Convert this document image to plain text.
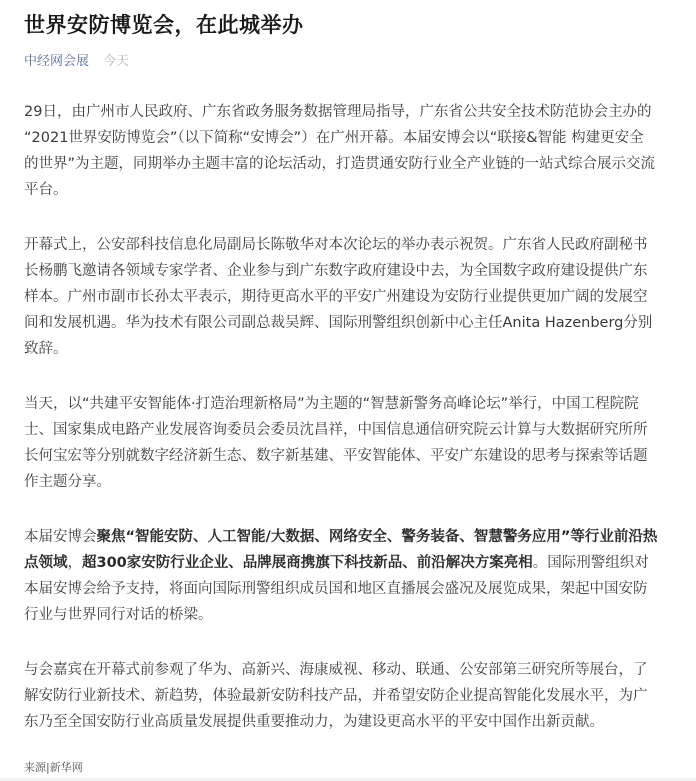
世界安防博览会，在此城举办
中经网会展 今天

29日，由广州市人民政府、广东省政务服务数据管理局指导，广东省公共安全技术防范协会主办的
“2021世界安防博览会”（以下简称“安博会”）在广州开幕。本届安博会以“联接&智能 构建更安全
的世界”为主题，同期举办主题丰富的论坛活动，打造贯通安防行业全产业链的一站式综合展示交流
平台。

开幕式上，公安部科技信息化局副局长陈敬华对本次论坛的举办表示祝贺。广东省人民政府副秘书
长杨鹏飞邀请各领域专家学者、企业参与到广东数字政府建设中去，为全国数字政府建设提供广东
样本。广州市副市长孙太平表示，期待更高水平的平安广州建设为安防行业提供更加广阔的发展空
间和发展机遇。华为技术有限公司副总裁吴辉、国际刑警组织创新中心主任Anita Hazenberg分别
致辞。

当天，以“共建平安智能体·打造治理新格局”为主题的“智慧新警务高峰论坛”举行，中国工程院院
士、国家集成电路产业发展咨询委员会委员沈昌祥，中国信息通信研究院云计算与大数据研究所所
长何宝宏等分别就数字经济新生态、数字新基建、平安智能体、平安广东建设的思考与探索等话题
作主题分享。

本届安博会聚焦“智能安防、人工智能/大数据、网络安全、警务装备、智慧警务应用”等行业前沿热
点领域，超300家安防行业企业、品牌展商携旗下科技新品、前沿解决方案亮相。国际刑警组织对
本届安博会给予支持，将面向国际刑警组织成员国和地区直播展会盛况及展览成果，架起中国安防
行业与世界同行对话的桥梁。

与会嘉宾在开幕式前参观了华为、高新兴、海康威视、移动、联通、公安部第三研究所等展台，了
解安防行业新技术、新趋势，体验最新安防科技产品，并希望安防企业提高智能化发展水平，为广
东乃至全国安防行业高质量发展提供重要推动力，为建设更高水平的平安中国作出新贡献。

来源|新华网
